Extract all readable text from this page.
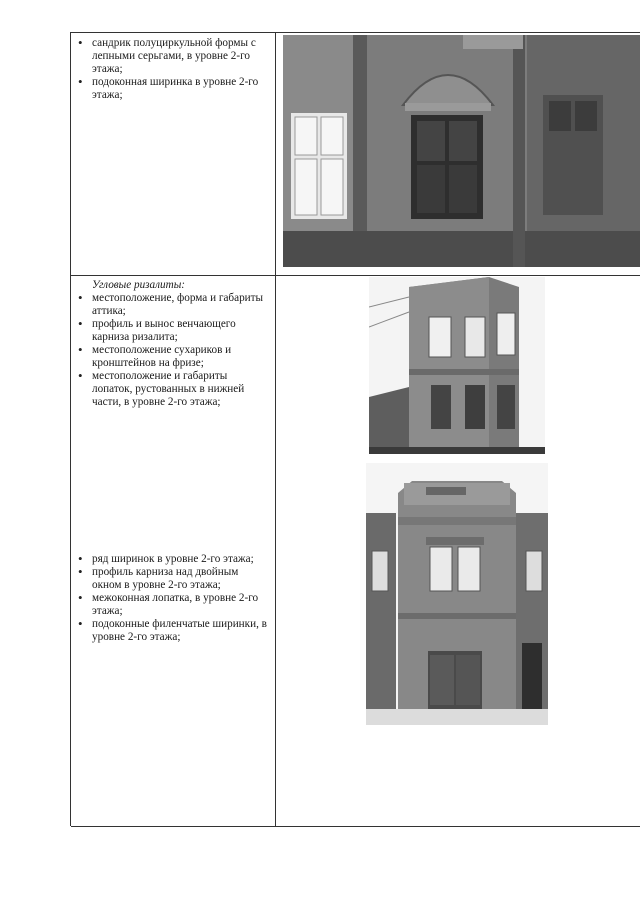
• сандрик полуциркульной формы с лепными серьгами, в уровне 2-го этажа;
• подоконная ширинка в уровне 2-го этажа;

Угловые ризалиты:

• местоположение, форма и габариты аттика;
• профиль и вынос венчающего карниза ризалита;
• местоположение сухариков и кронштейнов на фризе;
• местоположение и габариты лопаток, рустованных в нижней части, в уровне 2-го этажа;
• ряд ширинок в уровне 2-го этажа;
• профиль карниза над двойным окном в уровне 2-го этажа;
• межоконная лопатка, в уровне 2-го этажа;
• подоконные филенчатые ширинки, в уровне 2-го этажа;
